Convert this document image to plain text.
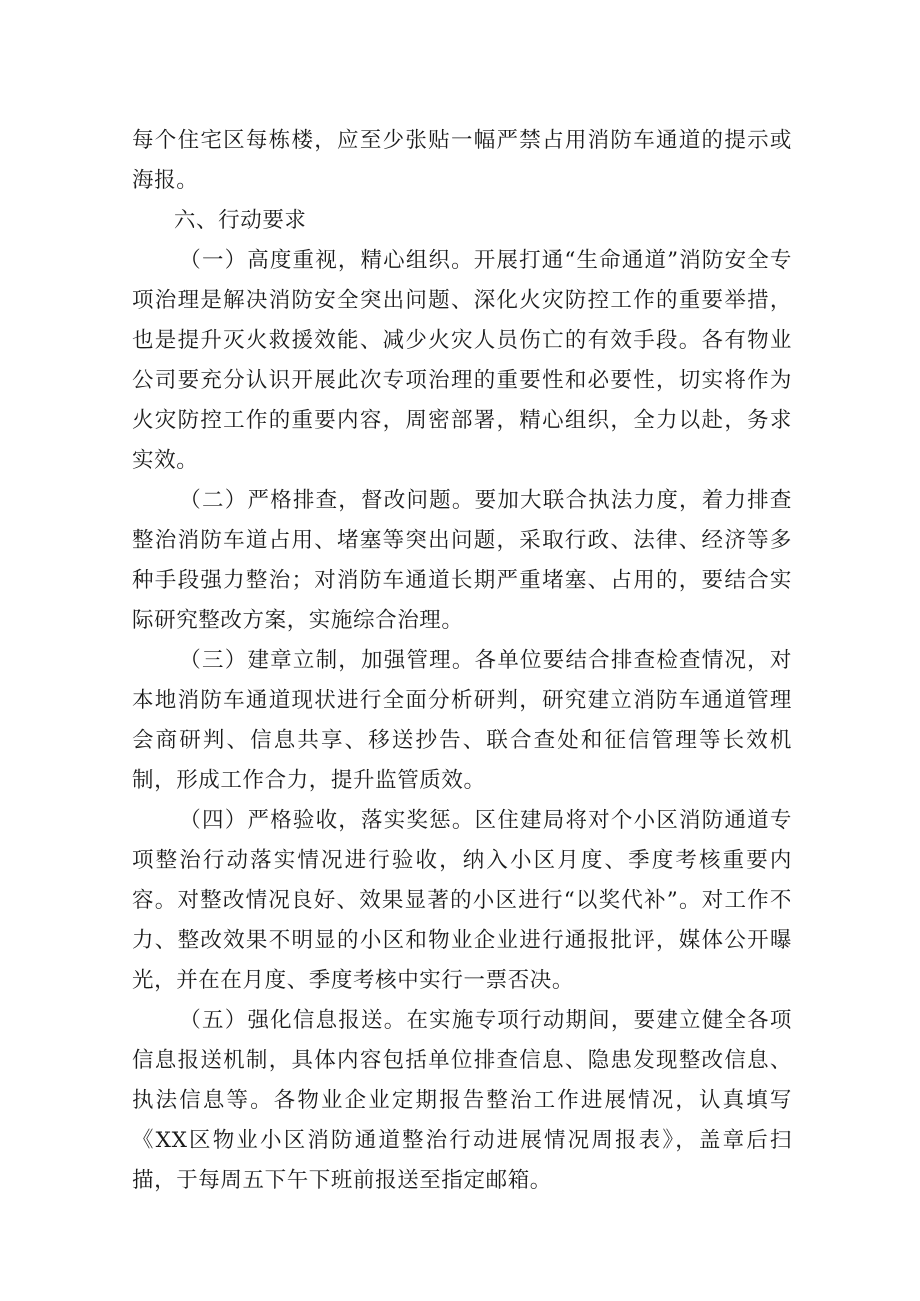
每个住宅区每栋楼，应至少张贴一幅严禁占用消防车通道的提示或海报。

六、行动要求

（一）高度重视，精心组织。开展打通“生命通道”消防安全专项治理是解决消防安全突出问题、深化火灾防控工作的重要举措，也是提升灭火救援效能、减少火灾人员伤亡的有效手段。各有物业公司要充分认识开展此次专项治理的重要性和必要性，切实将作为火灾防控工作的重要内容，周密部署，精心组织，全力以赴，务求实效。

（二）严格排查，督改问题。要加大联合执法力度，着力排查整治消防车道占用、堵塞等突出问题，采取行政、法律、经济等多种手段强力整治；对消防车通道长期严重堵塞、占用的，要结合实际研究整改方案，实施综合治理。

（三）建章立制，加强管理。各单位要结合排查检查情况，对本地消防车通道现状进行全面分析研判，研究建立消防车通道管理会商研判、信息共享、移送抄告、联合查处和征信管理等长效机制，形成工作合力，提升监管质效。

（四）严格验收，落实奖惩。区住建局将对个小区消防通道专项整治行动落实情况进行验收，纳入小区月度、季度考核重要内容。对整改情况良好、效果显著的小区进行“以奖代补”。对工作不力、整改效果不明显的小区和物业企业进行通报批评，媒体公开曝光，并在在月度、季度考核中实行一票否决。

（五）强化信息报送。在实施专项行动期间，要建立健全各项信息报送机制，具体内容包括单位排查信息、隐患发现整改信息、执法信息等。各物业企业定期报告整治工作进展情况，认真填写《XX区物业小区消防通道整治行动进展情况周报表》，盖章后扫描，于每周五下午下班前报送至指定邮箱。
